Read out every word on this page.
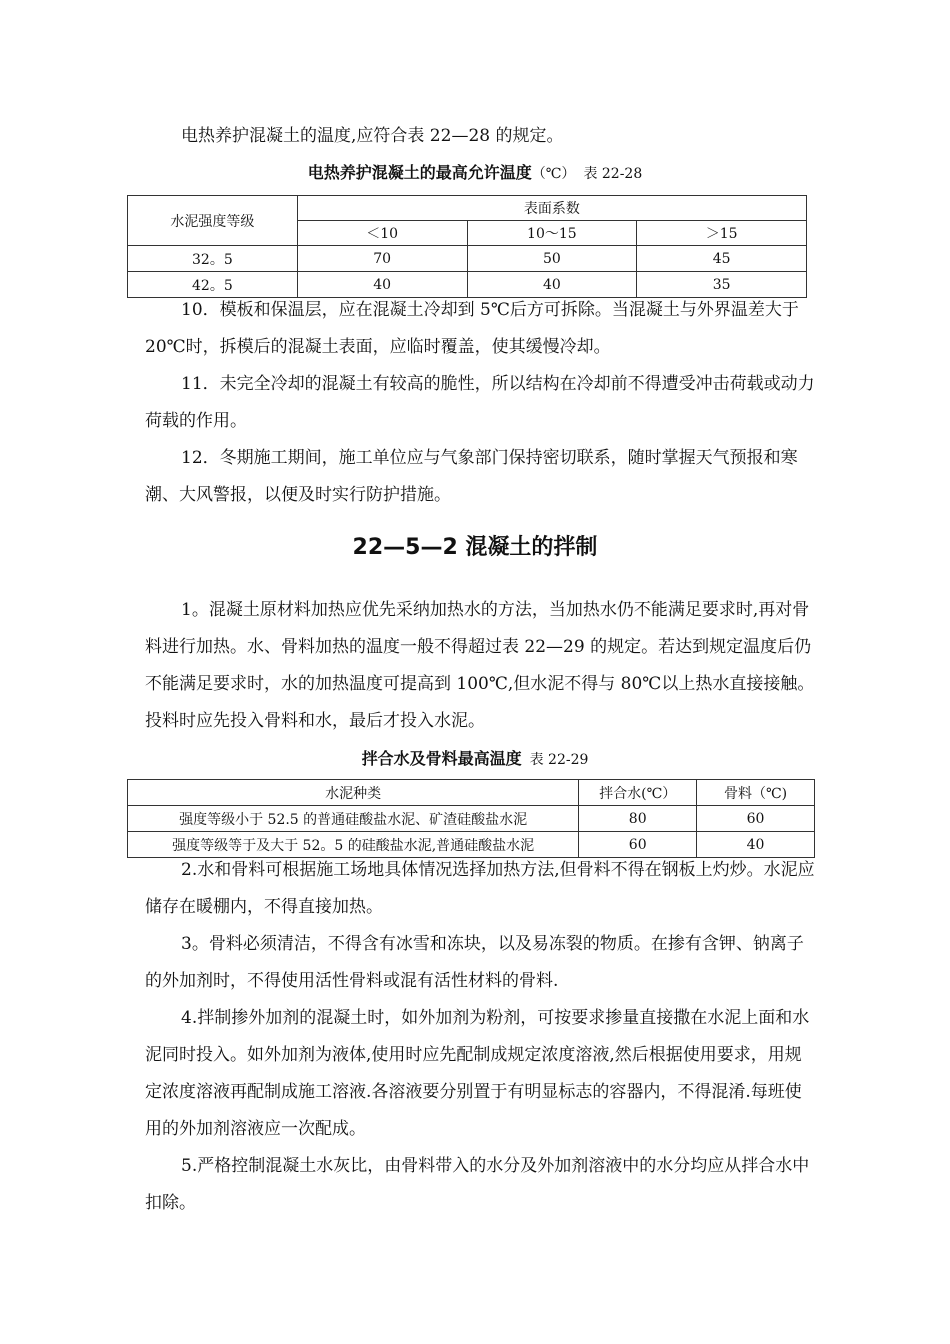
电热养护混凝土的温度,应符合表 22—28 的规定。

电热养护混凝土的最高允许温度（℃） 表 22-28

水泥强度等级	表面系数		
	＜10	10～15	＞15
32。5	70	50	45
42。5	40	40	35

10．模板和保温层，应在混凝土冷却到 5℃后方可拆除。当混凝土与外界温差大于 20℃时，拆模后的混凝土表面，应临时覆盖，使其缓慢冷却。

11．未完全冷却的混凝土有较高的脆性，所以结构在冷却前不得遭受冲击荷载或动力荷载的作用。

12．冬期施工期间，施工单位应与气象部门保持密切联系，随时掌握天气预报和寒潮、大风警报，以便及时实行防护措施。

22—5—2 混凝土的拌制

1。混凝土原材料加热应优先采纳加热水的方法，当加热水仍不能满足要求时,再对骨料进行加热。水、骨料加热的温度一般不得超过表 22—29 的规定。若达到规定温度后仍不能满足要求时，水的加热温度可提高到 100℃,但水泥不得与 80℃以上热水直接接触。投料时应先投入骨料和水，最后才投入水泥。

拌合水及骨料最高温度 表 22-29

水泥种类	拌合水(℃）	骨料（℃)
强度等级小于 52.5 的普通硅酸盐水泥、矿渣硅酸盐水泥	80	60
强度等级等于及大于 52。5 的硅酸盐水泥,普通硅酸盐水泥	60	40

2.水和骨料可根据施工场地具体情况选择加热方法,但骨料不得在钢板上灼炒。水泥应储存在暖棚内，不得直接加热。

3。骨料必须清洁，不得含有冰雪和冻块，以及易冻裂的物质。在掺有含钾、钠离子的外加剂时，不得使用活性骨料或混有活性材料的骨料.

4.拌制掺外加剂的混凝土时，如外加剂为粉剂，可按要求掺量直接撒在水泥上面和水泥同时投入。如外加剂为液体,使用时应先配制成规定浓度溶液,然后根据使用要求，用规定浓度溶液再配制成施工溶液.各溶液要分别置于有明显标志的容器内，不得混淆.每班使用的外加剂溶液应一次配成。

5.严格控制混凝土水灰比，由骨料带入的水分及外加剂溶液中的水分均应从拌合水中扣除。
